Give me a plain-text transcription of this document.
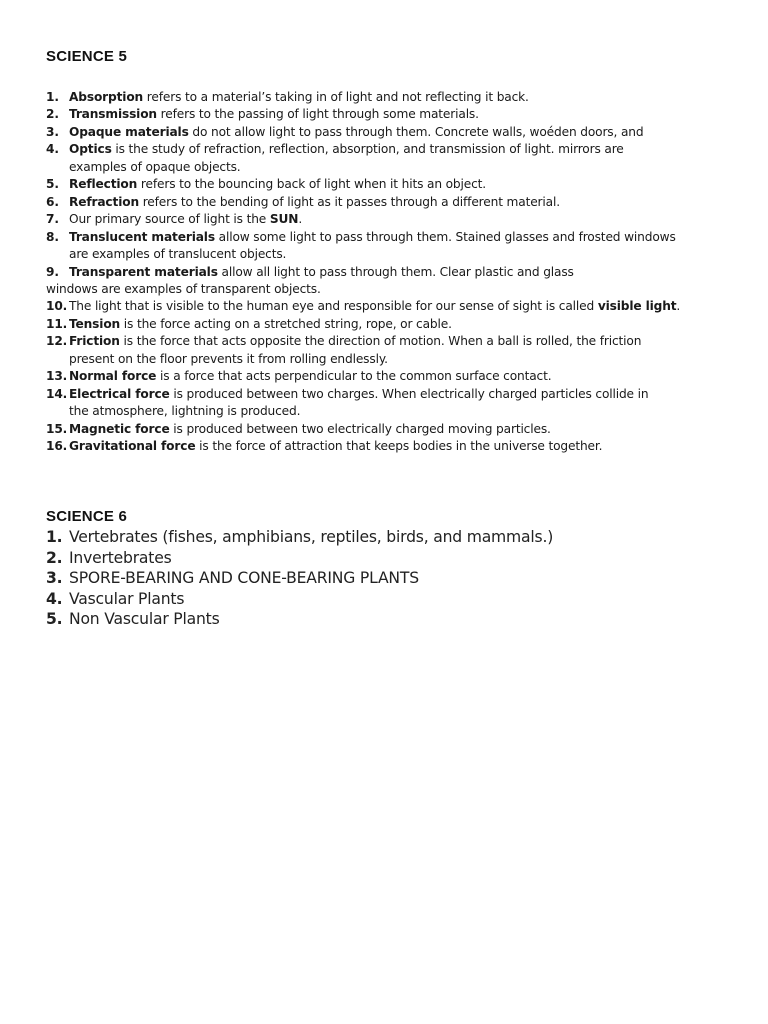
SCIENCE 5
1. Absorption refers to a material’s taking in of light and not reflecting it back.
2. Transmission refers to the passing of light through some materials.
3. Opaque materials do not allow light to pass through them. Concrete walls, woéden doors, and
4. Optics is the study of refraction, reflection, absorption, and transmission of light. mirrors are
examples of opaque objects.
5. Reflection refers to the bouncing back of light when it hits an object.
6. Refraction refers to the bending of light as it passes through a different material.
7. Our primary source of light is the SUN.
8. Translucent materials allow some light to pass through them. Stained glasses and frosted windows
are examples of translucent objects.
9. Transparent materials allow all light to pass through them. Clear plastic and glass
windows are examples of transparent objects.
10. The light that is visible to the human eye and responsible for our sense of sight is called visible light.
11. Tension is the force acting on a stretched string, rope, or cable.
12. Friction is the force that acts opposite the direction of motion. When a ball is rolled, the friction
present on the floor prevents it from rolling endlessly.
13. Normal force is a force that acts perpendicular to the common surface contact.
14. Electrical force is produced between two charges. When electrically charged particles collide in
the atmosphere, lightning is produced.
15. Magnetic force is produced between two electrically charged moving particles.
16. Gravitational force is the force of attraction that keeps bodies in the universe together.
SCIENCE 6
1. Vertebrates (fishes, amphibians, reptiles, birds, and mammals.)
2. Invertebrates
3. SPORE-BEARING AND CONE-BEARING PLANTS
4. Vascular Plants
5. Non Vascular Plants
